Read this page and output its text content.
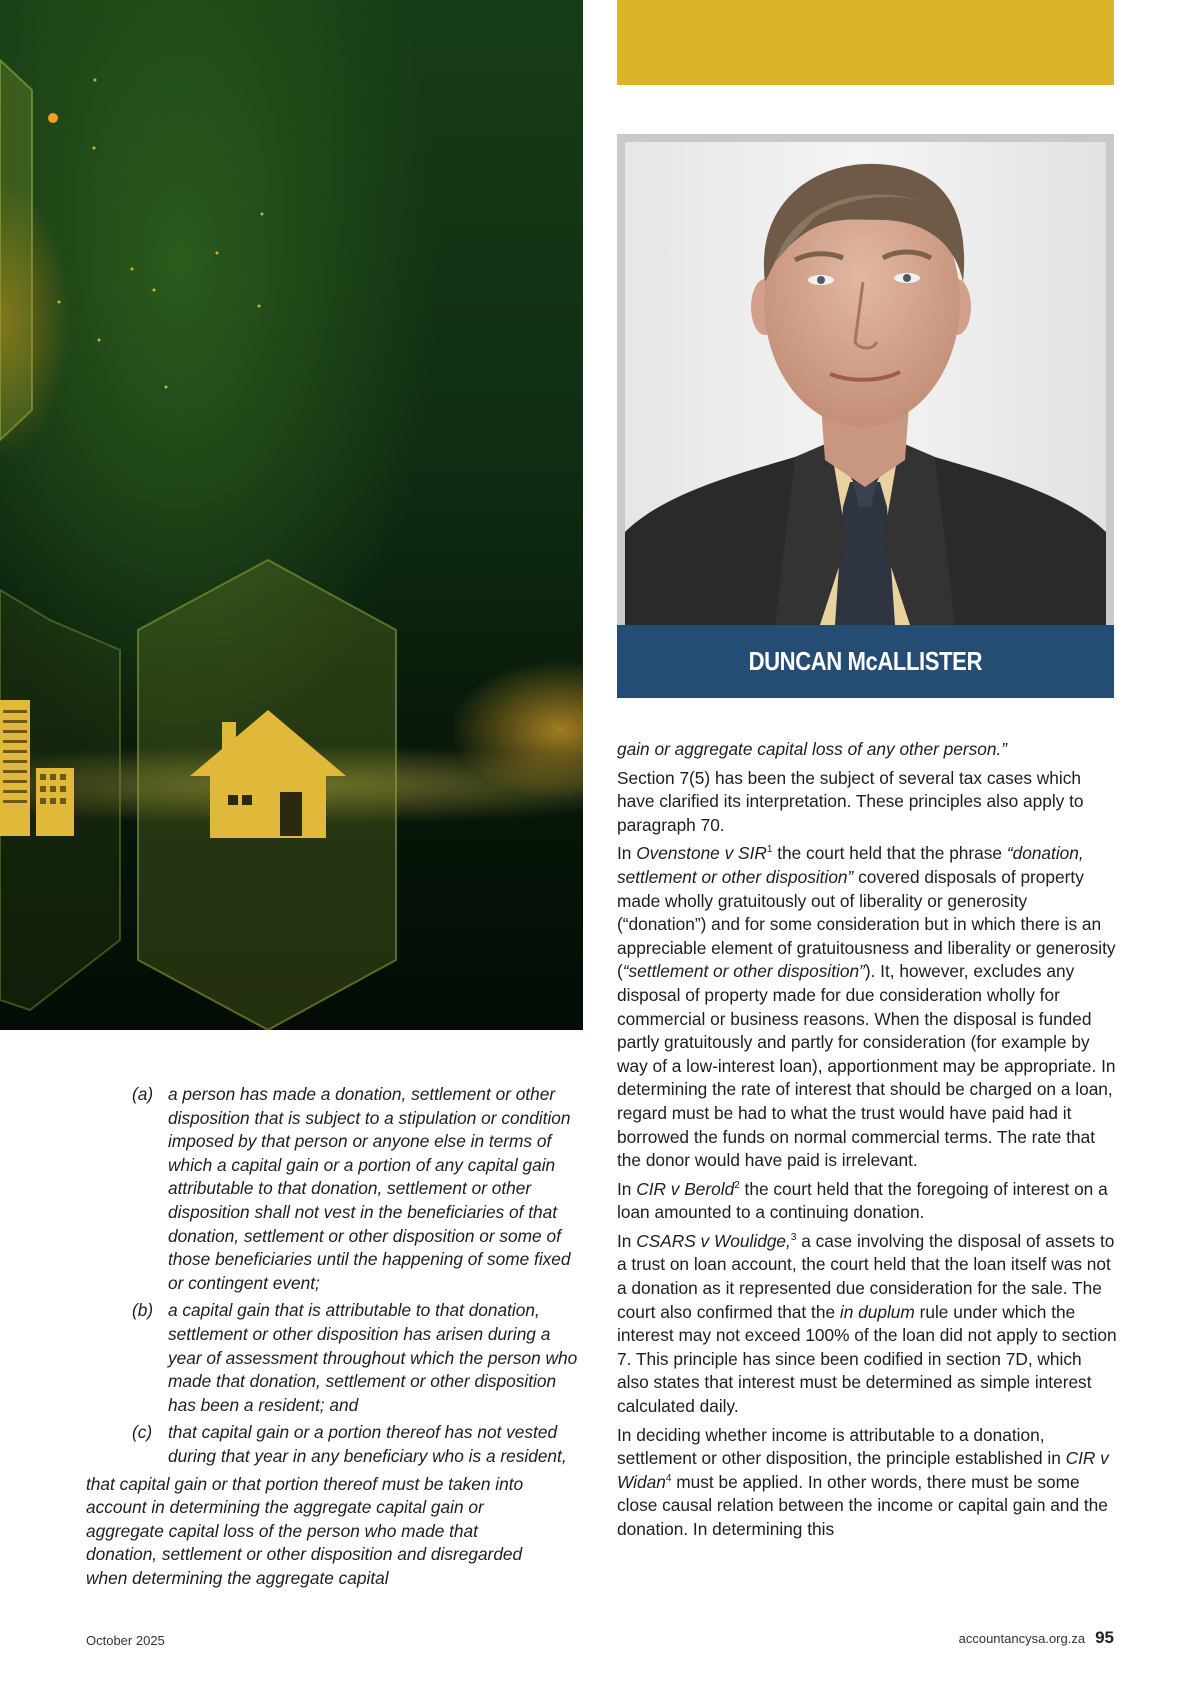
DUNCAN McALLISTER

gain or aggregate capital loss of any other person.”

Section 7(5) has been the subject of several tax cases which have clarified its interpretation. These principles also apply to paragraph 70.

In Ovenstone v SIR$^1$ the court held that the phrase “donation, settlement or other disposition” covered disposals of property made wholly gratuitously out of liberality or generosity (“donation”) and for some consideration but in which there is an appreciable element of gratuitousness and liberality or generosity (“settlement or other disposition”). It, however, excludes any disposal of property made for due consideration wholly for commercial or business reasons. When the disposal is funded partly gratuitously and partly for consideration (for example by way of a low-interest loan), apportionment may be appropriate. In determining the rate of interest that should be charged on a loan, regard must be had to what the trust would have paid had it borrowed the funds on normal commercial terms. The rate that the donor would have paid is irrelevant.

In CIR v Berold$^2$ the court held that the foregoing of interest on a loan amounted to a continuing donation.

In CSARS v Woulidge,$^3$ a case involving the disposal of assets to a trust on loan account, the court held that the loan itself was not a donation as it represented due consideration for the sale. The court also confirmed that the in duplum rule under which the interest may not exceed 100% of the loan did not apply to section 7. This principle has since been codified in section 7D, which also states that interest must be determined as simple interest calculated daily.

In deciding whether income is attributable to a donation, settlement or other disposition, the principle established in CIR v Widan$^4$ must be applied. In other words, there must be some close causal relation between the income or capital gain and the donation. In determining this

(a) a person has made a donation, settlement or other disposition that is subject to a stipulation or condition imposed by that person or anyone else in terms of which a capital gain or a portion of any capital gain attributable to that donation, settlement or other disposition shall not vest in the beneficiaries of that donation, settlement or other disposition or some of those beneficiaries until the happening of some fixed or contingent event;
(b) a capital gain that is attributable to that donation, settlement or other disposition has arisen during a year of assessment throughout which the person who made that donation, settlement or other disposition has been a resident; and
(c) that capital gain or a portion thereof has not vested during that year in any beneficiary who is a resident,

that capital gain or that portion thereof must be taken into account in determining the aggregate capital gain or aggregate capital loss of the person who made that donation, settlement or other disposition and disregarded when determining the aggregate capital

October 2025	accountancysa.org.za 95
